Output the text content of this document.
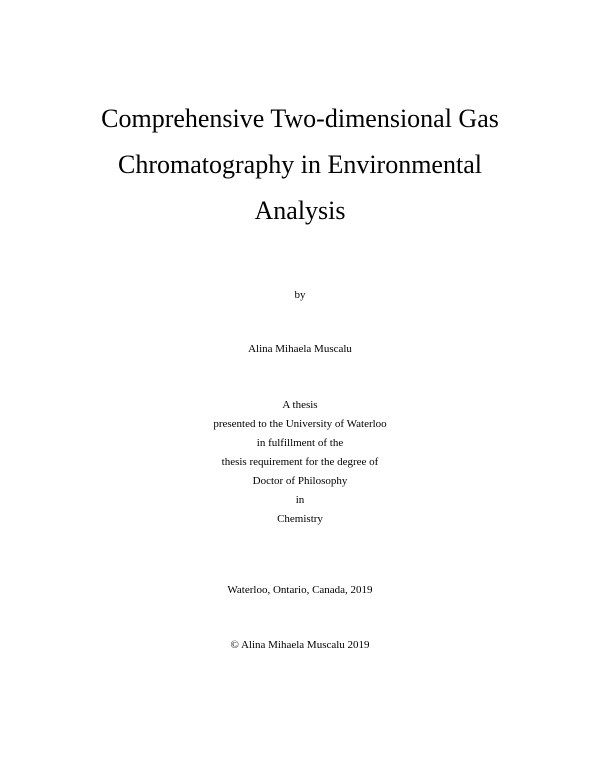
Comprehensive Two-dimensional Gas
Chromatography in Environmental
Analysis

by

Alina Mihaela Muscalu

A thesis
presented to the University of Waterloo
in fulfillment of the
thesis requirement for the degree of
Doctor of Philosophy
in
Chemistry

Waterloo, Ontario, Canada, 2019

© Alina Mihaela Muscalu 2019
